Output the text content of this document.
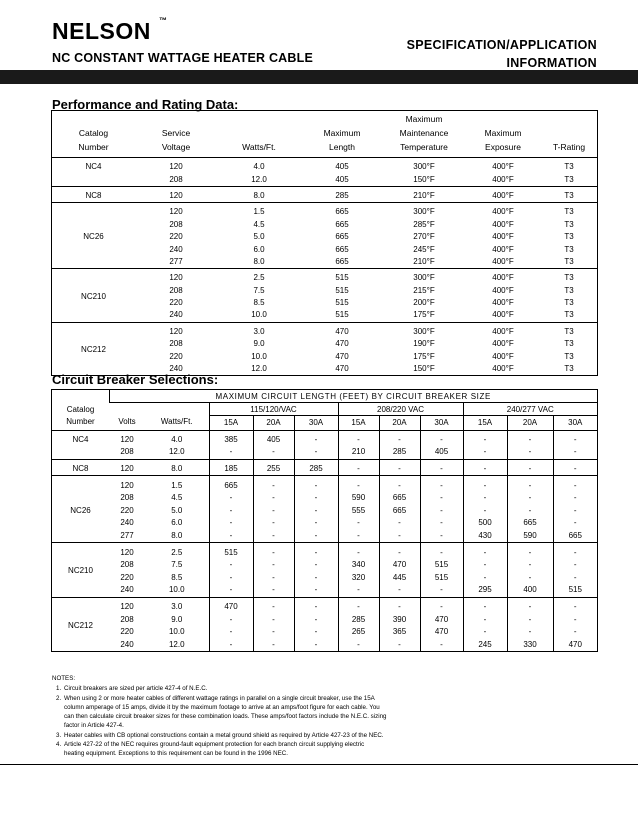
NELSON ™
NC CONSTANT WATTAGE HEATER CABLE
SPECIFICATION/APPLICATION
INFORMATION
Performance and Rating Data:
				Maximum		
Catalog	Service		Maximum	Maintenance	Maximum	
Number	Voltage	Watts/Ft.	Length	Temperature	Exposure	T-Rating
NC4	120	4.0	405	300°F	400°F	T3
	208	12.0	405	150°F	400°F	T3
NC8	120	8.0	285	210°F	400°F	T3
NC26	120	1.5	665	300°F	400°F	T3
	208	4.5	665	285°F	400°F	T3
	220	5.0	665	270°F	400°F	T3
	240	6.0	665	245°F	400°F	T3
	277	8.0	665	210°F	400°F	T3
NC210	120	2.5	515	300°F	400°F	T3
	208	7.5	515	215°F	400°F	T3
	220	8.5	515	200°F	400°F	T3
	240	10.0	515	175°F	400°F	T3
NC212	120	3.0	470	300°F	400°F	T3
	208	9.0	470	190°F	400°F	T3
	220	10.0	470	175°F	400°F	T3
	240	12.0	470	150°F	400°F	T3
Circuit Breaker Selections:
	MAXIMUM CIRCUIT LENGTH (FEET) BY CIRCUIT BREAKER SIZE										
Catalog			115/120/VAC			208/220 VAC			240/277 VAC		
Number	Volts	Watts/Ft.	15A	20A	30A	15A	20A	30A	15A	20A	30A
NC4	120	4.0	385	405	-	-	-	-	-	-	-
	208	12.0	-	-	-	210	285	405	-	-	-
NC8	120	8.0	185	255	285	-	-	-	-	-	-
NC26	120	1.5	665	-	-	-	-	-	-	-	-
	208	4.5	-	-	-	590	665	-	-	-	-
	220	5.0	-	-	-	555	665	-	-	-	-
	240	6.0	-	-	-	-	-	-	500	665	-
	277	8.0	-	-	-	-	-	-	430	590	665
NC210	120	2.5	515	-	-	-	-	-	-	-	-
	208	7.5	-	-	-	340	470	515	-	-	-
	220	8.5	-	-	-	320	445	515	-	-	-
	240	10.0	-	-	-	-	-	-	295	400	515
NC212	120	3.0	470	-	-	-	-	-	-	-	-
	208	9.0	-	-	-	285	390	470	-	-	-
	220	10.0	-	-	-	265	365	470	-	-	-
	240	12.0	-	-	-	-	-	-	245	330	470
NOTES:
1. Circuit breakers are sized per article 427-4 of N.E.C.
2. When using 2 or more heater cables of different wattage ratings in parallel on a single circuit breaker, use the 15A
column amperage of 15 amps, divide it by the maximum footage to arrive at an amps/foot figure for each cable. You
can then calculate circuit breaker sizes for these combination loads. These amps/foot factors include the N.E.C. sizing
factor in Article 427-4.
3. Heater cables with CB optional constructions contain a metal ground shield as required by Article 427-23 of the NEC.
4. Article 427-22 of the NEC requires ground-fault equipment protection for each branch circuit supplying electric
heating equipment. Exceptions to this requirement can be found in the 1996 NEC.
